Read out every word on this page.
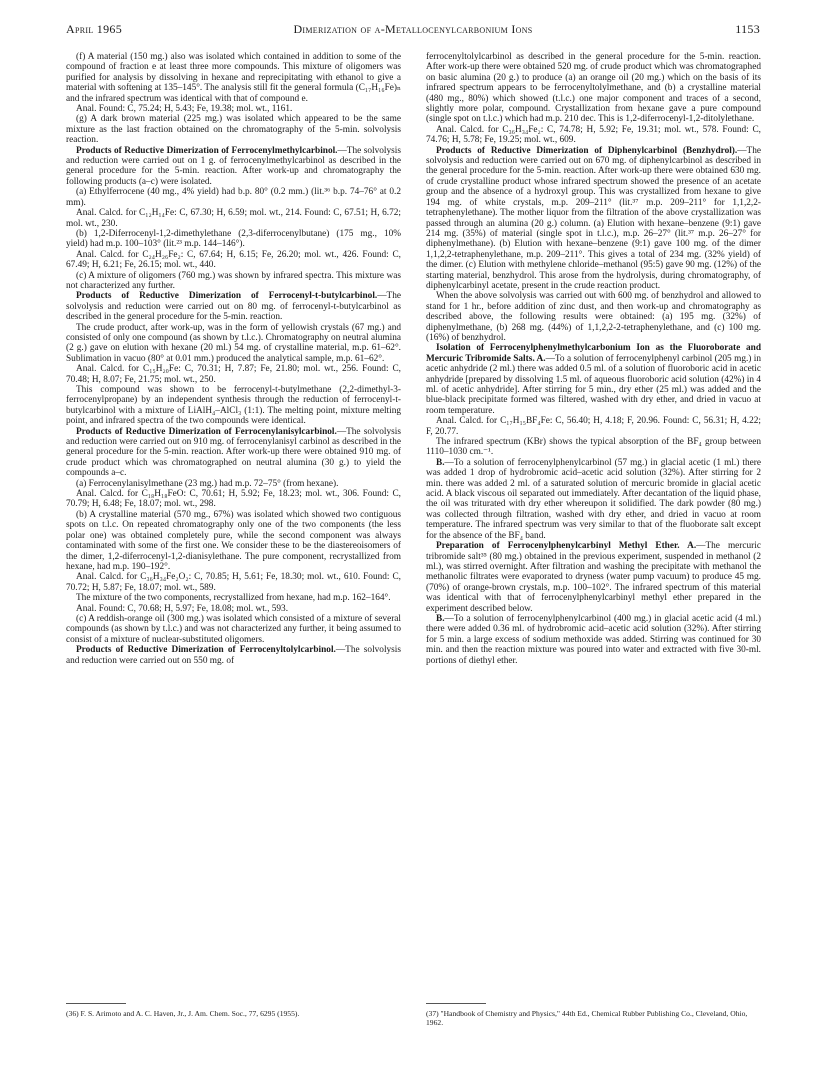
April 1965	Dimerization of α-Metallocenylcarbonium Ions	1153

(f) A material (150 mg.) also was isolated which contained in addition to some of the compound of fraction e at least three more compounds. This mixture of oligomers was purified for analysis by dissolving in hexane and reprecipitating with ethanol to give a material with softening at 135–145°. The analysis still fit the general formula (C₁₇H₁₆Fe)ₙ and the infrared spectrum was identical with that of compound e.

Anal. Found: C, 75.24; H, 5.43; Fe, 19.38; mol. wt., 1161.

(g) A dark brown material (225 mg.) was isolated which appeared to be the same mixture as the last fraction obtained on the chromatography of the 5-min. solvolysis reaction.

Products of Reductive Dimerization of Ferrocenylmethylcarbinol.—The solvolysis and reduction were carried out on 1 g. of ferrocenylmethylcarbinol as described in the general procedure for the 5-min. reaction. After work-up and chromatography the following products (a–c) were isolated.

(a) Ethylferrocene (40 mg., 4% yield) had b.p. 80° (0.2 mm.) (lit.³⁶ b.p. 74–76° at 0.2 mm).

Anal. Calcd. for C₁₂H₁₄Fe: C, 67.30; H, 6.59; mol. wt., 214. Found: C, 67.51; H, 6.72; mol. wt., 230.

(b) 1,2-Diferrocenyl-1,2-dimethylethane (2,3-diferrocenylbutane) (175 mg., 10% yield) had m.p. 100–103° (lit.²³ m.p. 144–146°).

Anal. Calcd. for C₂₄H₂₆Fe₂: C, 67.64; H, 6.15; Fe, 26.20; mol. wt., 426. Found: C, 67.49; H, 6.21; Fe, 26.15; mol. wt., 440.

(c) A mixture of oligomers (760 mg.) was shown by infrared spectra. This mixture was not characterized any further.

Products of Reductive Dimerization of Ferrocenyl-t-butylcarbinol.—The solvolysis and reduction were carried out on 80 mg. of ferrocenyl-t-butylcarbinol as described in the general procedure for the 5-min. reaction.

The crude product, after work-up, was in the form of yellowish crystals (67 mg.) and consisted of only one compound (as shown by t.l.c.). Chromatography on neutral alumina (2 g.) gave on elution with hexane (20 ml.) 54 mg. of crystalline material, m.p. 61–62°. Sublimation in vacuo (80° at 0.01 mm.) produced the analytical sample, m.p. 61–62°.

Anal. Calcd. for C₁₅H₂₀Fe: C, 70.31; H, 7.87; Fe, 21.80; mol. wt., 256. Found: C, 70.48; H, 8.07; Fe, 21.75; mol. wt., 250.

This compound was shown to be ferrocenyl-t-butylmethane (2,2-dimethyl-3-ferrocenylpropane) by an independent synthesis through the reduction of ferrocenyl-t-butylcarbinol with a mixture of LiAlH₄–AlCl₃ (1:1). The melting point, mixture melting point, and infrared spectra of the two compounds were identical.

Products of Reductive Dimerization of Ferrocenylanisylcarbinol.—The solvolysis and reduction were carried out on 910 mg. of ferrocenylanisyl carbinol as described in the general procedure for the 5-min. reaction. After work-up there were obtained 910 mg. of crude product which was chromatographed on neutral alumina (30 g.) to yield the compounds a–c.

(a) Ferrocenylanisylmethane (23 mg.) had m.p. 72–75° (from hexane).

Anal. Calcd. for C₁₈H₁₈FeO: C, 70.61; H, 5.92; Fe, 18.23; mol. wt., 306. Found: C, 70.79; H, 6.48; Fe, 18.07; mol. wt., 298.

(b) A crystalline material (570 mg., 67%) was isolated which showed two contiguous spots on t.l.c. On repeated chromatography only one of the two components (the less polar one) was obtained completely pure, while the second component was always contaminated with some of the first one. We consider these to be the diastereoisomers of the dimer, 1,2-diferrocenyl-1,2-dianisylethane. The pure component, recrystallized from hexane, had m.p. 190–192°.

Anal. Calcd. for C₃₆H₃₄Fe₂O₂: C, 70.85; H, 5.61; Fe, 18.30; mol. wt., 610. Found: C, 70.72; H, 5.87; Fe, 18.07; mol. wt., 589.

The mixture of the two components, recrystallized from hexane, had m.p. 162–164°.

Anal. Found: C, 70.68; H, 5.97; Fe, 18.08; mol. wt., 593.

(c) A reddish-orange oil (300 mg.) was isolated which consisted of a mixture of several compounds (as shown by t.l.c.) and was not characterized any further, it being assumed to consist of a mixture of nuclear-substituted oligomers.

Products of Reductive Dimerization of Ferrocenyltolylcarbinol.—The solvolysis and reduction were carried out on 550 mg. of

ferrocenyltolylcarbinol as described in the general procedure for the 5-min. reaction. After work-up there were obtained 520 mg. of crude product which was chromatographed on basic alumina (20 g.) to produce (a) an orange oil (20 mg.) which on the basis of its infrared spectrum appears to be ferrocenyltolylmethane, and (b) a crystalline material (480 mg., 80%) which showed (t.l.c.) one major component and traces of a second, slightly more polar, compound. Crystallization from hexane gave a pure compound (single spot on t.l.c.) which had m.p. 210 dec. This is 1,2-diferrocenyl-1,2-ditolylethane.

Anal. Calcd. for C₃₆H₃₄Fe₂: C, 74.78; H, 5.92; Fe, 19.31; mol. wt., 578. Found: C, 74.76; H, 5.78; Fe, 19.25; mol. wt., 609.

Products of Reductive Dimerization of Diphenylcarbinol (Benzhydrol).—The solvolysis and reduction were carried out on 670 mg. of diphenylcarbinol as described in the general procedure for the 5-min. reaction. After work-up there were obtained 630 mg. of crude crystalline product whose infrared spectrum showed the presence of an acetate group and the absence of a hydroxyl group. This was crystallized from hexane to give 194 mg. of white crystals, m.p. 209–211° (lit.³⁷ m.p. 209–211° for 1,1,2,2-tetraphenylethane). The mother liquor from the filtration of the above crystallization was passed through an alumina (20 g.) column. (a) Elution with hexane–benzene (9:1) gave 214 mg. (35%) of material (single spot in t.l.c.), m.p. 26–27° (lit.³⁷ m.p. 26–27° for diphenylmethane). (b) Elution with hexane–benzene (9:1) gave 100 mg. of the dimer 1,1,2,2-tetraphenylethane, m.p. 209–211°. This gives a total of 234 mg. (32% yield) of the dimer. (c) Elution with methylene chloride–methanol (95:5) gave 90 mg. (12%) of the starting material, benzhydrol. This arose from the hydrolysis, during chromatography, of diphenylcarbinyl acetate, present in the crude reaction product.

When the above solvolysis was carried out with 600 mg. of benzhydrol and allowed to stand for 1 hr., before addition of zinc dust, and then work-up and chromatography as described above, the following results were obtained: (a) 195 mg. (32%) of diphenylmethane, (b) 268 mg. (44%) of 1,1,2,2-2-tetraphenylethane, and (c) 100 mg. (16%) of benzhydrol.

Isolation of Ferrocenylphenylmethylcarbonium Ion as the Fluoroborate and Mercuric Tribromide Salts. A.—To a solution of ferrocenylphenyl carbinol (205 mg.) in acetic anhydride (2 ml.) there was added 0.5 ml. of a solution of fluoroboric acid in acetic anhydride [prepared by dissolving 1.5 ml. of aqueous fluoroboric acid solution (42%) in 4 ml. of acetic anhydride]. After stirring for 5 min., dry ether (25 ml.) was added and the blue-black precipitate formed was filtered, washed with dry ether, and dried in vacuo at room temperature.

Anal. Calcd. for C₁₇H₁₅BF₄Fe: C, 56.40; H, 4.18; F, 20.96. Found: C, 56.31; H, 4.22; F, 20.77.

The infrared spectrum (KBr) shows the typical absorption of the BF₄ group between 1110–1030 cm.⁻¹.

B.—To a solution of ferrocenylphenylcarbinol (57 mg.) in glacial acetic (1 ml.) there was added 1 drop of hydrobromic acid–acetic acid solution (32%). After stirring for 2 min. there was added 2 ml. of a saturated solution of mercuric bromide in glacial acetic acid. A black viscous oil separated out immediately. After decantation of the liquid phase, the oil was triturated with dry ether whereupon it solidified. The dark powder (80 mg.) was collected through filtration, washed with dry ether, and dried in vacuo at room temperature. The infrared spectrum was very similar to that of the fluoborate salt except for the absence of the BF₄ band.

Preparation of Ferrocenylphenylcarbinyl Methyl Ether. A.—The mercuric tribromide salt³⁵ (80 mg.) obtained in the previous experiment, suspended in methanol (2 ml.), was stirred overnight. After filtration and washing the precipitate with methanol the methanolic filtrates were evaporated to dryness (water pump vacuum) to produce 45 mg. (70%) of orange-brown crystals, m.p. 100–102°. The infrared spectrum of this material was identical with that of ferrocenylphenylcarbinyl methyl ether prepared in the experiment described below.

B.—To a solution of ferrocenylphenylcarbinol (400 mg.) in glacial acetic acid (4 ml.) there were added 0.36 ml. of hydrobromic acid–acetic acid solution (32%). After stirring for 5 min. a large excess of sodium methoxide was added. Stirring was continued for 30 min. and then the reaction mixture was poured into water and extracted with five 30-ml. portions of diethyl ether.

(36) F. S. Arimoto and A. C. Haven, Jr., J. Am. Chem. Soc., 77, 6295 (1955).	(37) "Handbook of Chemistry and Physics," 44th Ed., Chemical Rubber Publishing Co., Cleveland, Ohio, 1962.
